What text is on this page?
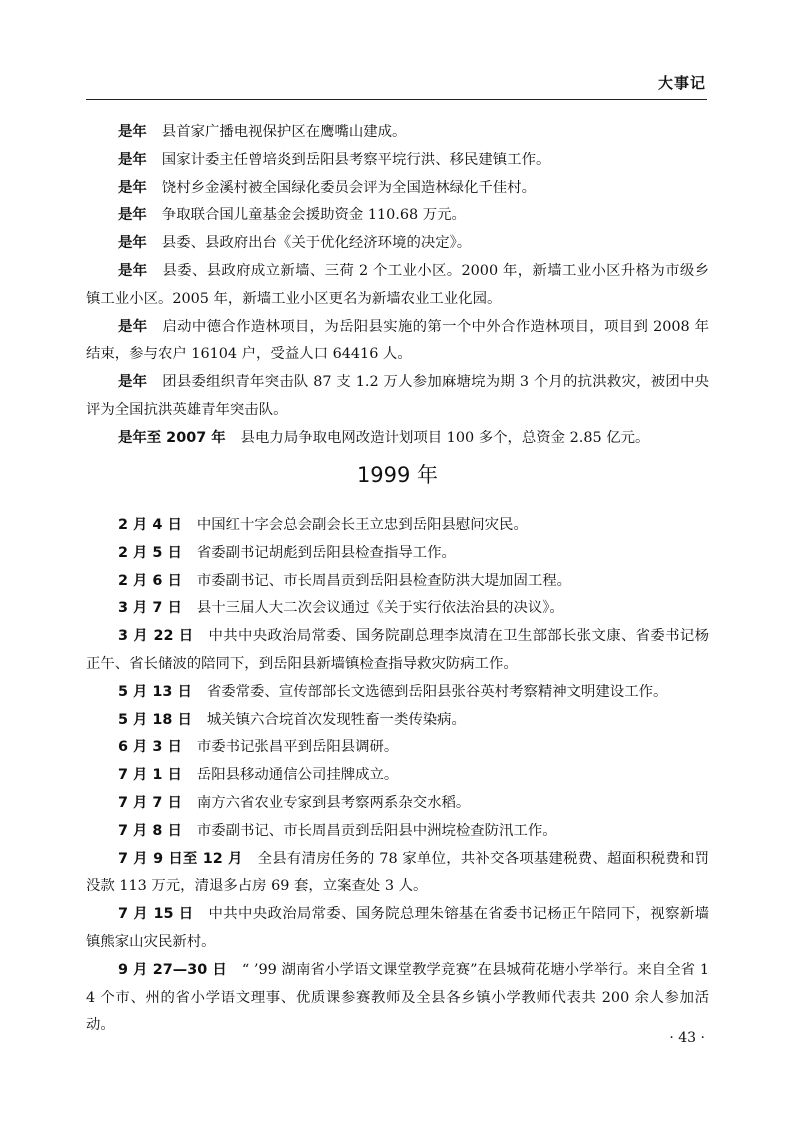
大事记

是年 县首家广播电视保护区在鹰嘴山建成。

是年 国家计委主任曾培炎到岳阳县考察平垸行洪、移民建镇工作。

是年 饶村乡金溪村被全国绿化委员会评为全国造林绿化千佳村。

是年 争取联合国儿童基金会援助资金 110.68 万元。

是年 县委、县政府出台《关于优化经济环境的决定》。

是年 县委、县政府成立新墙、三荷 2 个工业小区。2000 年，新墙工业小区升格为市级乡镇工业小区。2005 年，新墙工业小区更名为新墙农业工业化园。

是年 启动中德合作造林项目，为岳阳县实施的第一个中外合作造林项目，项目到 2008 年结束，参与农户 16104 户，受益人口 64416 人。

是年 团县委组织青年突击队 87 支 1.2 万人参加麻塘垸为期 3 个月的抗洪救灾，被团中央评为全国抗洪英雄青年突击队。

是年至 2007 年 县电力局争取电网改造计划项目 100 多个，总资金 2.85 亿元。

1999 年

2 月 4 日 中国红十字会总会副会长王立忠到岳阳县慰问灾民。

2 月 5 日 省委副书记胡彪到岳阳县检查指导工作。

2 月 6 日 市委副书记、市长周昌贡到岳阳县检查防洪大堤加固工程。

3 月 7 日 县十三届人大二次会议通过《关于实行依法治县的决议》。

3 月 22 日 中共中央政治局常委、国务院副总理李岚清在卫生部部长张文康、省委书记杨正午、省长储波的陪同下，到岳阳县新墙镇检查指导救灾防病工作。

5 月 13 日 省委常委、宣传部部长文选德到岳阳县张谷英村考察精神文明建设工作。

5 月 18 日 城关镇六合垸首次发现牲畜一类传染病。

6 月 3 日 市委书记张昌平到岳阳县调研。

7 月 1 日 岳阳县移动通信公司挂牌成立。

7 月 7 日 南方六省农业专家到县考察两系杂交水稻。

7 月 8 日 市委副书记、市长周昌贡到岳阳县中洲垸检查防汛工作。

7 月 9 日至 12 月 全县有清房任务的 78 家单位，共补交各项基建税费、超面积税费和罚没款 113 万元，清退多占房 69 套，立案查处 3 人。

7 月 15 日 中共中央政治局常委、国务院总理朱镕基在省委书记杨正午陪同下，视察新墙镇熊家山灾民新村。

9 月 27—30 日 “ ’99 湖南省小学语文课堂教学竞赛”在县城荷花塘小学举行。来自全省 14 个市、州的省小学语文理事、优质课参赛教师及全县各乡镇小学教师代表共 200 余人参加活动。

· 43 ·
